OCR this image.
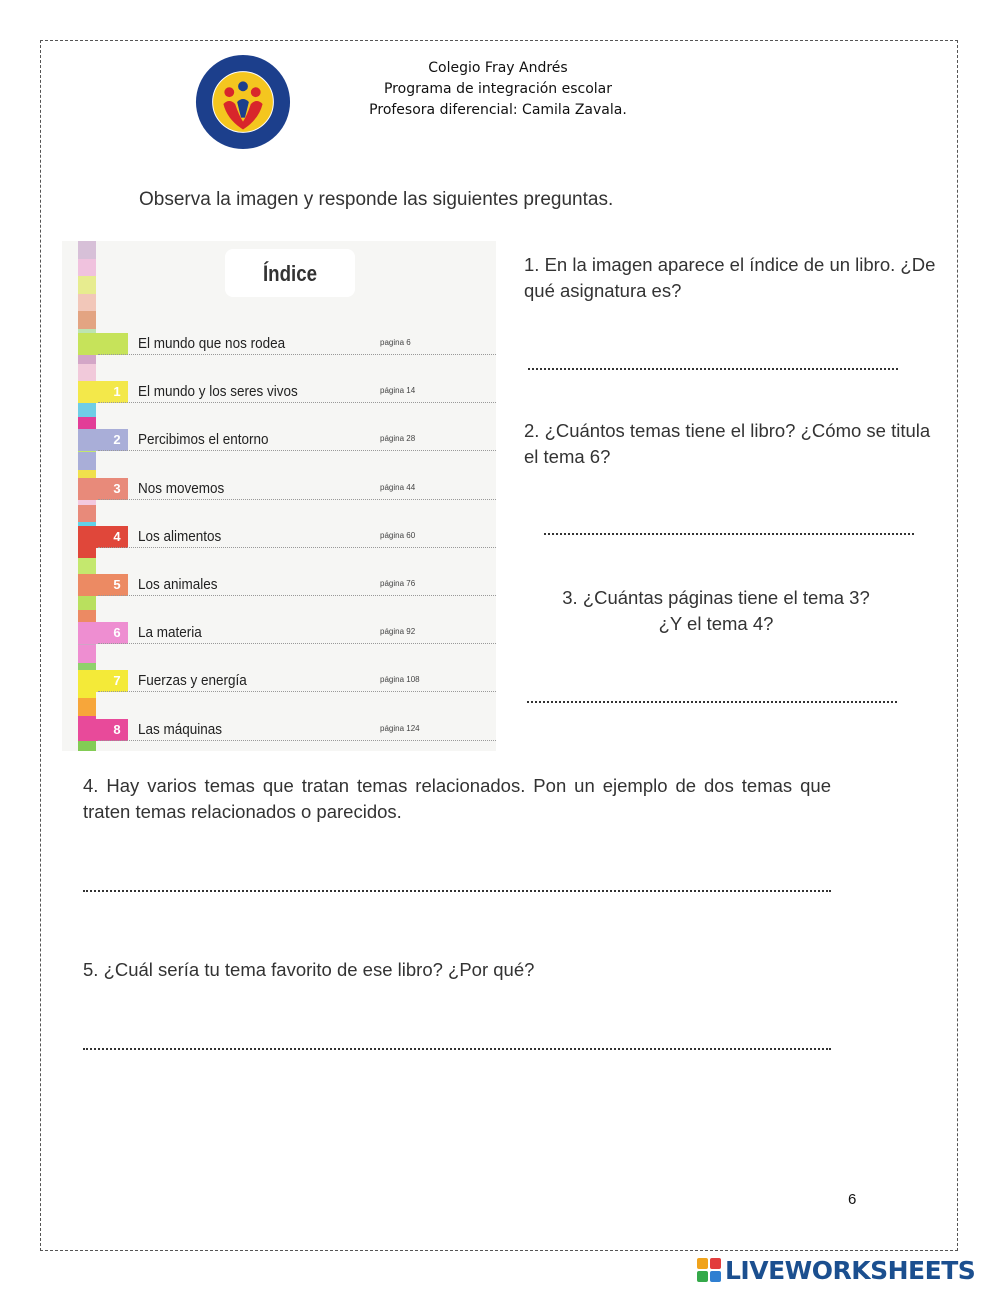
Colegio Fray Andrés
Programa de integración escolar
Profesora diferencial: Camila Zavala.
Observa la imagen y responde las siguientes preguntas.
Índice
El mundo que nos rodea	pagina 6
1	El mundo y los seres vivos	página 14
2	Percibimos el entorno	página 28
3	Nos movemos	página 44
4	Los alimentos	página 60
5	Los animales	página 76
6	La materia	página 92
7	Fuerzas y energía	página 108
8	Las máquinas	página 124
1. En la imagen aparece el índice de un libro. ¿De qué asignatura es?
2. ¿Cuántos temas tiene el libro? ¿Cómo se titula el tema 6?
3. ¿Cuántas páginas tiene el tema 3?
¿Y el tema 4?
4. Hay varios temas que tratan temas relacionados. Pon un ejemplo de dos temas que traten temas relacionados o parecidos.
5. ¿Cuál sería tu tema favorito de ese libro? ¿Por qué?
6
LIVEWORKSHEETS
